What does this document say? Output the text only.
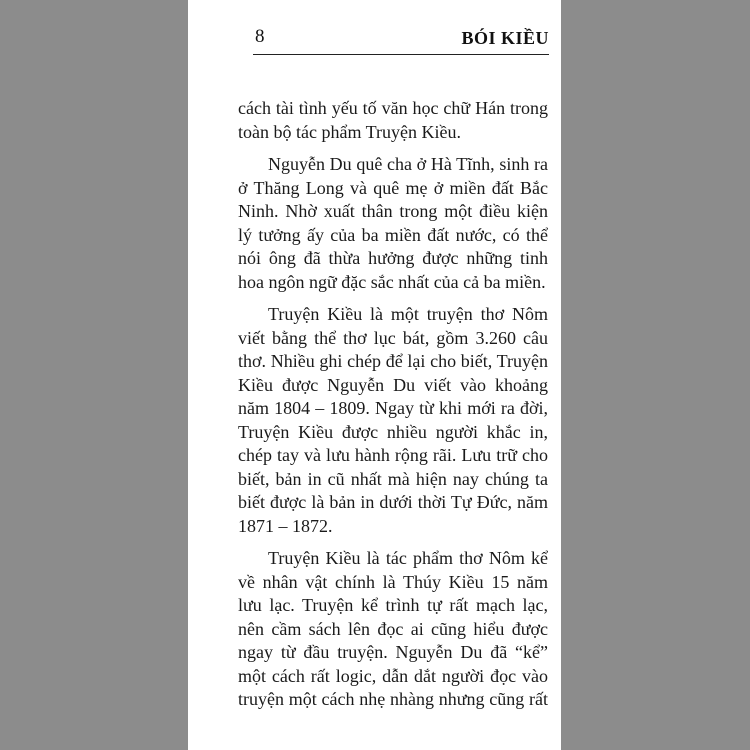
8	BÓI KIỀU
cách tài tình yếu tố văn học chữ Hán trong
toàn bộ tác phẩm Truyện Kiều.
Nguyễn Du quê cha ở Hà Tĩnh, sinh ra
ở Thăng Long và quê mẹ ở miền đất Bắc
Ninh. Nhờ xuất thân trong một điều kiện
lý tưởng ấy của ba miền đất nước, có thể
nói ông đã thừa hưởng được những tinh
hoa ngôn ngữ đặc sắc nhất của cả ba miền.
Truyện Kiều là một truyện thơ Nôm
viết bằng thể thơ lục bát, gồm 3.260 câu
thơ. Nhiều ghi chép để lại cho biết, Truyện
Kiều được Nguyễn Du viết vào khoảng
năm 1804 – 1809. Ngay từ khi mới ra đời,
Truyện Kiều được nhiều người khắc in,
chép tay và lưu hành rộng rãi. Lưu trữ cho
biết, bản in cũ nhất mà hiện nay chúng ta
biết được là bản in dưới thời Tự Đức, năm
1871 – 1872.
Truyện Kiều là tác phẩm thơ Nôm kể
về nhân vật chính là Thúy Kiều 15 năm
lưu lạc. Truyện kể trình tự rất mạch lạc,
nên cầm sách lên đọc ai cũng hiểu được
ngay từ đầu truyện. Nguyễn Du đã “kể”
một cách rất logic, dẫn dắt người đọc vào
truyện một cách nhẹ nhàng nhưng cũng rất
